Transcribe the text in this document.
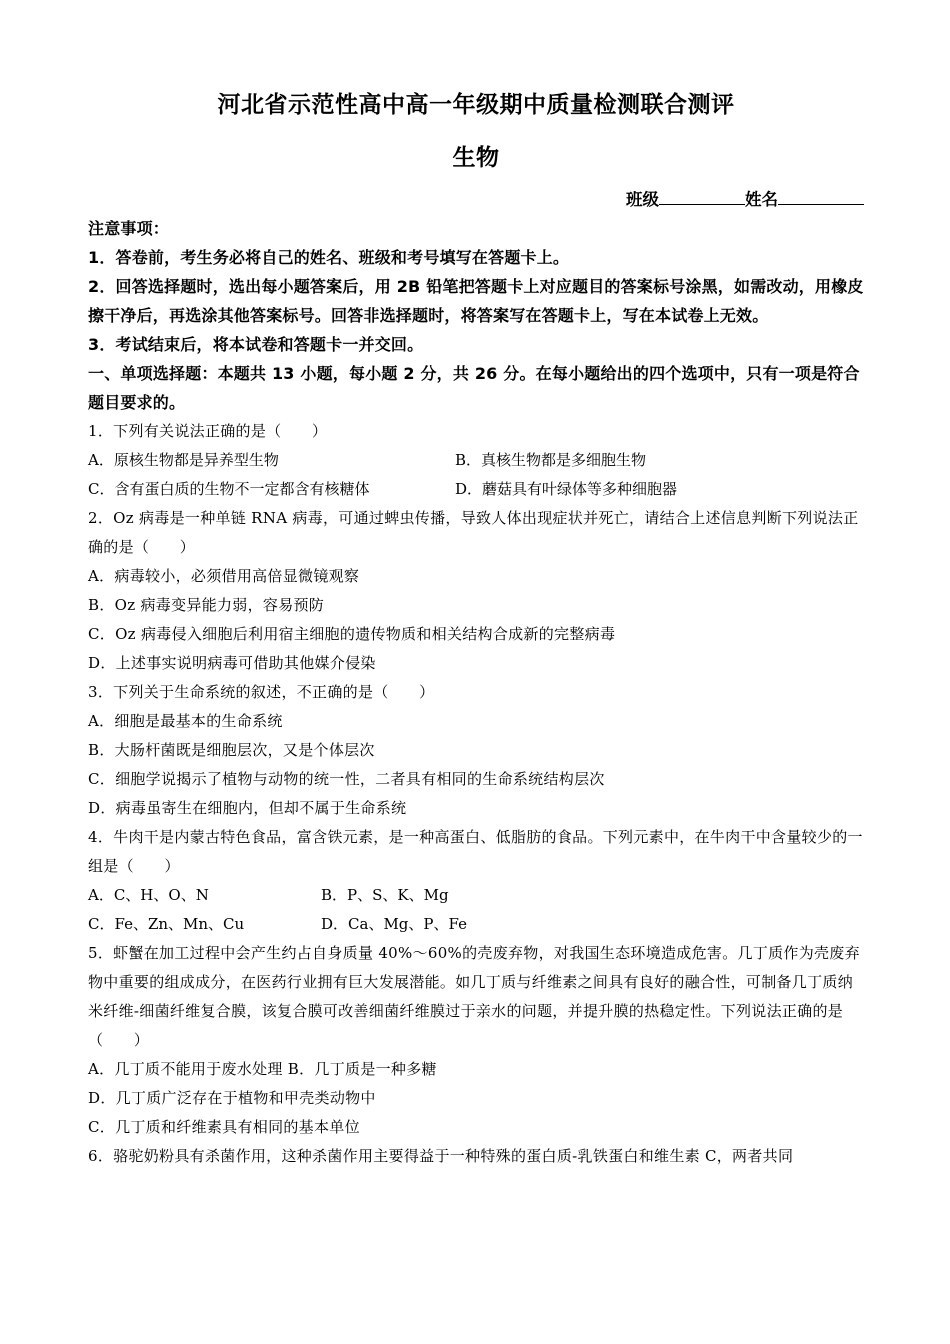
河北省示范性高中高一年级期中质量检测联合测评
生物
班级	姓名
注意事项：
1．答卷前，考生务必将自己的姓名、班级和考号填写在答题卡上。
2．回答选择题时，选出每小题答案后，用 2B 铅笔把答题卡上对应题目的答案标号涂黑，如需改动，用橡皮擦干净后，再选涂其他答案标号。回答非选择题时，将答案写在答题卡上，写在本试卷上无效。
3．考试结束后，将本试卷和答题卡一并交回。
一、单项选择题：本题共 13 小题，每小题 2 分，共 26 分。在每小题给出的四个选项中，只有一项是符合题目要求的。
1．下列有关说法正确的是（　　）
A．原核生物都是异养型生物	B．真核生物都是多细胞生物
C．含有蛋白质的生物不一定都含有核糖体	D．蘑菇具有叶绿体等多种细胞器
2．Oz 病毒是一种单链 RNA 病毒，可通过蜱虫传播，导致人体出现症状并死亡，请结合上述信息判断下列说法正确的是（　　）
A．病毒较小，必须借用高倍显微镜观察
B．Oz 病毒变异能力弱，容易预防
C．Oz 病毒侵入细胞后利用宿主细胞的遗传物质和相关结构合成新的完整病毒
D．上述事实说明病毒可借助其他媒介侵染
3．下列关于生命系统的叙述，不正确的是（　　）
A．细胞是最基本的生命系统
B．大肠杆菌既是细胞层次，又是个体层次
C．细胞学说揭示了植物与动物的统一性，二者具有相同的生命系统结构层次
D．病毒虽寄生在细胞内，但却不属于生命系统
4．牛肉干是内蒙古特色食品，富含铁元素，是一种高蛋白、低脂肪的食品。下列元素中，在牛肉干中含量较少的一组是（　　）
A．C、H、O、N	B．P、S、K、Mg
C．Fe、Zn、Mn、Cu	D．Ca、Mg、P、Fe
5．虾蟹在加工过程中会产生约占自身质量 40%～60%的壳废弃物，对我国生态环境造成危害。几丁质作为壳废弃物中重要的组成成分，在医药行业拥有巨大发展潜能。如几丁质与纤维素之间具有良好的融合性，可制备几丁质纳米纤维-细菌纤维复合膜，该复合膜可改善细菌纤维膜过于亲水的问题，并提升膜的热稳定性。下列说法正确的是（　　）
A．几丁质不能用于废水处理 B．几丁质是一种多糖
D．几丁质广泛存在于植物和甲壳类动物中
C．几丁质和纤维素具有相同的基本单位
6．骆驼奶粉具有杀菌作用，这种杀菌作用主要得益于一种特殊的蛋白质-乳铁蛋白和维生素 C，两者共同
